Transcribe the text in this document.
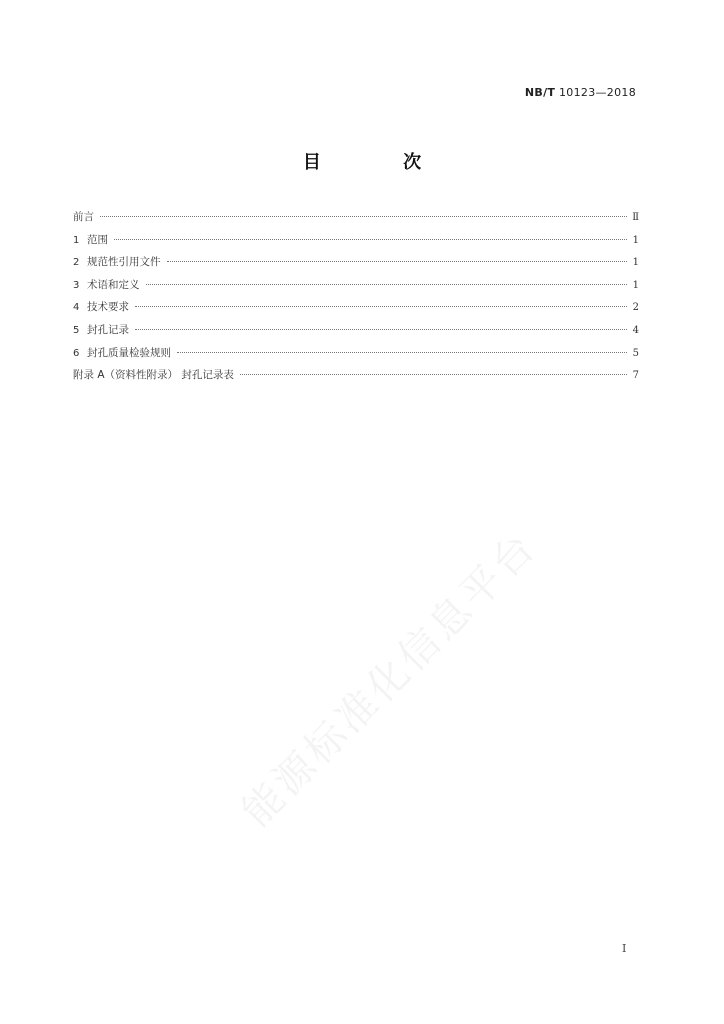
NB/T 10123—2018
目 次
前言	Ⅱ
1 范围	1
2 规范性引用文件	1
3 术语和定义	1
4 技术要求	2
5 封孔记录	4
6 封孔质量检验规则	5
附录 A（资料性附录） 封孔记录表	7
能源标准化信息平台
Ⅰ
